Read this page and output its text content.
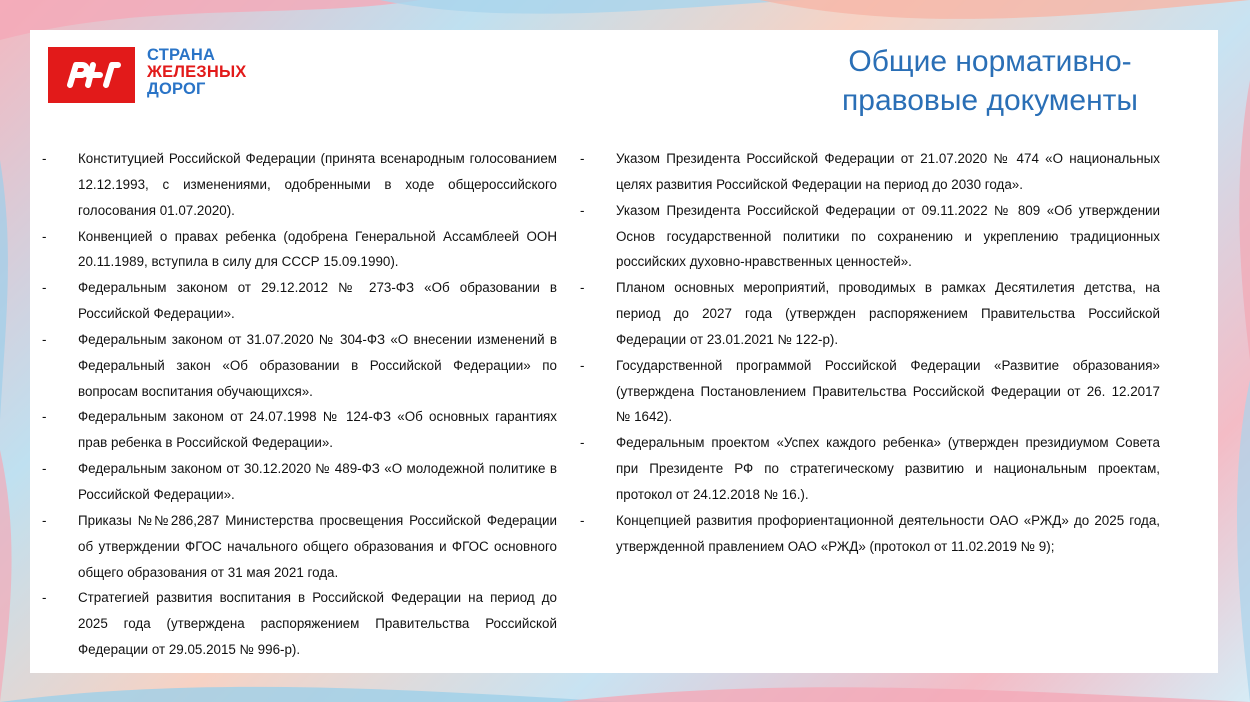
СТРАНА
ЖЕЛЕЗНЫХ
ДОРОГ
Общие нормативно-
правовые документы
-	Конституцией Российской Федерации (принята всенародным голосованием 12.12.1993, с изменениями, одобренными в ходе общероссийского голосования 01.07.2020).
-	Конвенцией о правах ребенка (одобрена Генеральной Ассамблеей ООН 20.11.1989, вступила в силу для СССР 15.09.1990).
-	Федеральным законом от 29.12.2012 № 273-ФЗ «Об образовании в Российской Федерации».
-	Федеральным законом от 31.07.2020 № 304-ФЗ «О внесении изменений в Федеральный закон «Об образовании в Российской Федерации» по вопросам воспитания обучающихся».
-	Федеральным законом от 24.07.1998 № 124-ФЗ «Об основных гарантиях прав ребенка в Российской Федерации».
-	Федеральным законом от 30.12.2020 № 489-ФЗ «О молодежной политике в Российской Федерации».
-	Приказы №№286,287 Министерства просвещения Российской Федерации об утверждении ФГОС начального общего образования и ФГОС основного общего образования от 31 мая 2021 года.
-	Стратегией развития воспитания в Российской Федерации на период до 2025 года (утверждена распоряжением Правительства Российской Федерации от 29.05.2015 № 996-р).
-	Указом Президента Российской Федерации от 21.07.2020 № 474 «О национальных целях развития Российской Федерации на период до 2030 года».
-	Указом Президента Российской Федерации от 09.11.2022 № 809 «Об утверждении Основ государственной политики по сохранению и укреплению традиционных российских духовно-нравственных ценностей».
-	Планом основных мероприятий, проводимых в рамках Десятилетия детства, на период до 2027 года (утвержден распоряжением Правительства Российской Федерации от 23.01.2021 № 122-р).
-	Государственной программой Российской Федерации «Развитие образования» (утверждена Постановлением Правительства Российской Федерации от 26. 12.2017 № 1642).
-	Федеральным проектом «Успех каждого ребенка» (утвержден президиумом Совета при Президенте РФ по стратегическому развитию и национальным проектам, протокол от 24.12.2018 № 16.).
-	Концепцией развития профориентационной деятельности ОАО «РЖД» до 2025 года, утвержденной правлением ОАО «РЖД» (протокол от 11.02.2019 № 9);
